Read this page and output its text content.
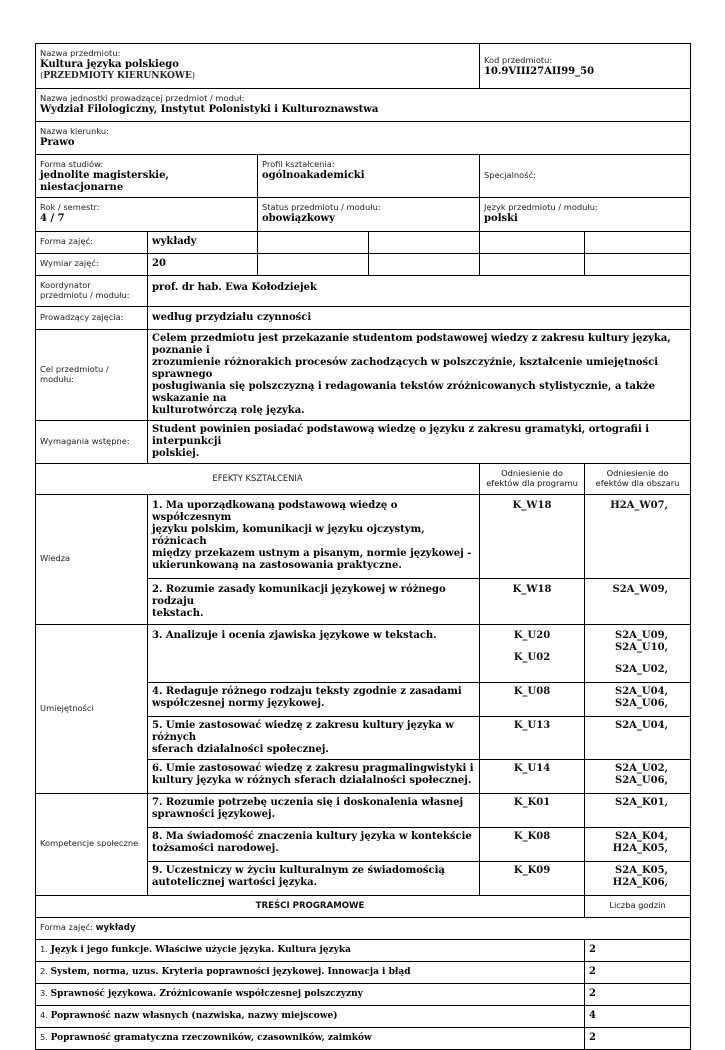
Nazwa przedmiotu:
Kultura języka polskiego
(PRZEDMIOTY KIERUNKOWE)				Kod przedmiotu:
10.9VIII27AII99_50	

Nazwa jednostki prowadzącej przedmiot / moduł:
Wydział Filologiczny, Instytut Polonistyki i Kulturoznawstwa					

Nazwa kierunku:
Prawo					

Forma studiów:
jednolite magisterskie, niestacjonarne		Profil kształcenia:
ogólnoakademicki		Specjalność:	

Rok / semestr:
4 / 7		Status przedmiotu / modułu:
obowiązkowy		Język przedmiotu / modułu:
polski	

Forma zajęć:	wykłady				
Wymiar zajęć:	20				

Koordynator
przedmiotu / modułu:	prof. dr hab. Ewa Kołodziejek				
Prowadzący zajęcia:	według przydziału czynności				

Cel przedmiotu /
modułu:	Celem przedmiotu jest przekazanie studentom podstawowej wiedzy z zakresu kultury języka, poznanie i
zrozumienie różnorakich procesów zachodzących w polszczyźnie, kształcenie umiejętności sprawnego
posługiwania się polszczyzną i redagowania tekstów zróżnicowanych stylistycznie, a także wskazanie na
kulturotwórczą rolę języka.				

Wymagania wstępne:	Student powinien posiadać podstawową wiedzę o języku z zakresu gramatyki, ortografii i interpunkcji
polskiej.				

EFEKTY KSZTAŁCENIA				Odniesienie do
efektów dla programu	Odniesienie do
efektów dla obszaru

Wiedza	1. Ma uporządkowaną podstawową wiedzę o współczesnym
języku polskim, komunikacji w języku ojczystym, różnicach
między przekazem ustnym a pisanym, normie językowej -
ukierunkowaną na zastosowania praktyczne.			K_W18	H2A_W07,

	2. Rozumie zasady komunikacji językowej w różnego rodzaju
tekstach.			K_W18	S2A_W09,

Umiejętności	3. Analizuje i ocenia zjawiska językowe w tekstach.			K_U20
K_U02	S2A_U09,
S2A_U10,
S2A_U02,

	4. Redaguje różnego rodzaju teksty zgodnie z zasadami
współczesnej normy językowej.			K_U08	S2A_U04,
S2A_U06,

	5. Umie zastosować wiedzę z zakresu kultury języka w różnych
sferach działalności społecznej.			K_U13	S2A_U04,

	6. Umie zastosować wiedzę z zakresu pragmalingwistyki i
kultury języka w różnych sferach działalności społecznej.			K_U14	S2A_U02,
S2A_U06,

Kompetencje społeczne	7. Rozumie potrzebę uczenia się i doskonalenia własnej
sprawności językowej.			K_K01	S2A_K01,

	8. Ma świadomość znaczenia kultury języka w kontekście
tożsamości narodowej.			K_K08	S2A_K04,
H2A_K05,

	9. Uczestniczy w życiu kulturalnym ze świadomością
autotelicznej wartości języka.			K_K09	S2A_K05,
H2A_K06,

TREŚCI PROGRAMOWE					Liczba godzin
Forma zajęć: wykłady					
1. Język i jego funkcje. Właściwe użycie języka. Kultura języka					2
2. System, norma, uzus. Kryteria poprawności językowej. Innowacja i błąd					2
3. Sprawność językowa. Zróżnicowanie współczesnej polszczyzny					2
4. Poprawność nazw własnych (nazwiska, nazwy miejscowe)					4
5. Poprawność gramatyczna rzeczowników, czasowników, zaimków					2
